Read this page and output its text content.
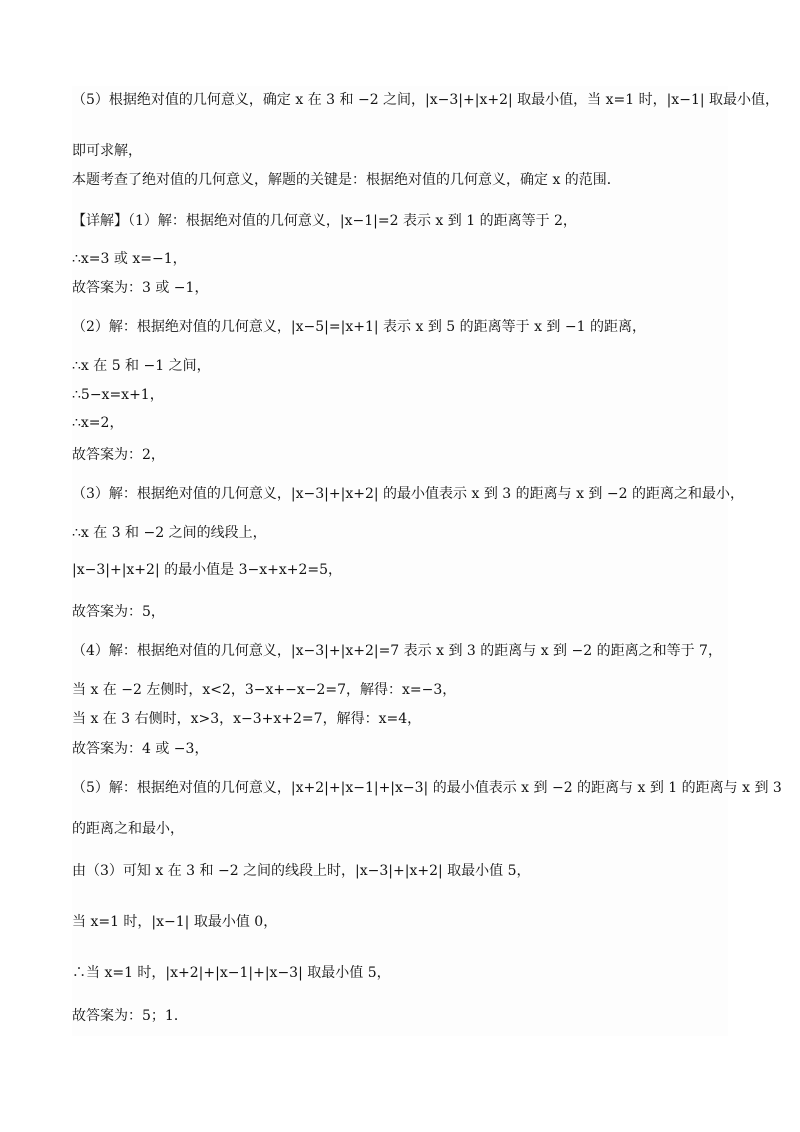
（5）根据绝对值的几何意义，确定 x 在 3 和 −2 之间，|x−3|+|x+2| 取最小值，当 x=1 时，|x−1| 取最小值，
即可求解，
本题考查了绝对值的几何意义，解题的关键是：根据绝对值的几何意义，确定 x 的范围．
【详解】（1）解：根据绝对值的几何意义，|x−1|=2 表示 x 到 1 的距离等于 2，
∴x=3 或 x=−1，
故答案为：3 或 −1，
（2）解：根据绝对值的几何意义，|x−5|=|x+1| 表示 x 到 5 的距离等于 x 到 −1 的距离，
∴x 在 5 和 −1 之间，
∴5−x=x+1，
∴x=2，
故答案为：2，
（3）解：根据绝对值的几何意义，|x−3|+|x+2| 的最小值表示 x 到 3 的距离与 x 到 −2 的距离之和最小，
∴x 在 3 和 −2 之间的线段上，
|x−3|+|x+2| 的最小值是 3−x+x+2=5，
故答案为：5，
（4）解：根据绝对值的几何意义，|x−3|+|x+2|=7 表示 x 到 3 的距离与 x 到 −2 的距离之和等于 7，
当 x 在 −2 左侧时，x<2，3−x+−x−2=7，解得：x=−3，
当 x 在 3 右侧时，x>3，x−3+x+2=7，解得：x=4，
故答案为：4 或 −3，
（5）解：根据绝对值的几何意义，|x+2|+|x−1|+|x−3| 的最小值表示 x 到 −2 的距离与 x 到 1 的距离与 x 到 3
的距离之和最小，
由（3）可知 x 在 3 和 −2 之间的线段上时，|x−3|+|x+2| 取最小值 5，
当 x=1 时，|x−1| 取最小值 0，
∴当 x=1 时，|x+2|+|x−1|+|x−3| 取最小值 5，
故答案为：5；1．
